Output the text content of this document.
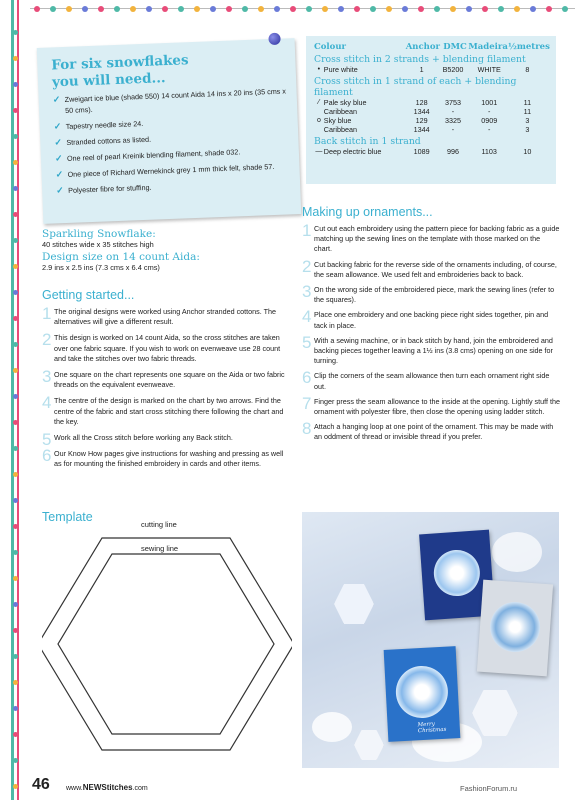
For six snowflakes you will need...
✓ Zweigart ice blue (shade 550) 14 count Aida 14 ins x 20 ins (35 cms x 50 cms).
✓ Tapestry needle size 24.
✓ Stranded cottons as listed.
✓ One reel of pearl Kreinik blending filament, shade 032.
✓ One piece of Richard Wernekinck grey 1 mm thick felt, shade 57.
✓ Polyester fibre for stuffing.
Colour	Anchor DMC Madeira ½metres
Cross stitch in 2 strands + blending filament
• Pure white	1	B5200	WHITE	8
Cross stitch in 1 strand of each + blending filament
⁄ Pale sky blue	128	3753	1001	11
Caribbean	1344	-	-	11
o Sky blue	129	3325	0909	3
Caribbean	1344	-	-	3
Back stitch in 1 strand
— Deep electric blue	1089	996	1103	10
Sparkling Snowflake:
40 stitches wide x 35 stitches high
Design size on 14 count Aida:
2.9 ins x 2.5 ins (7.3 cms x 6.4 cms)
Getting started...
1 The original designs were worked using Anchor stranded cottons. The alternatives will give a different result.
2 This design is worked on 14 count Aida, so the cross stitches are taken over one fabric square. If you wish to work on evenweave use 28 count and take the stitches over two fabric threads.
3 One square on the chart represents one square on the Aida or two fabric threads on the equivalent evenweave.
4 The centre of the design is marked on the chart by two arrows. Find the centre of the fabric and start cross stitching there following the chart and the key.
5 Work all the Cross stitch before working any Back stitch.
6 Our Know How pages give instructions for washing and pressing as well as for mounting the finished embroidery in cards and other items.
Making up ornaments...
1 Cut out each embroidery using the pattern piece for backing fabric as a guide matching up the sewing lines on the template with those marked on the chart.
2 Cut backing fabric for the reverse side of the ornaments including, of course, the seam allowance. We used felt and embroideries back to back.
3 On the wrong side of the embroidered piece, mark the sewing lines (refer to the squares).
4 Place one embroidery and one backing piece right sides together, pin and tack in place.
5 With a sewing machine, or in back stitch by hand, join the embroidered and backing pieces together leaving a 1½ ins (3.8 cms) opening on one side for turning.
6 Clip the corners of the seam allowance then turn each ornament right side out.
7 Finger press the seam allowance to the inside at the opening. Lightly stuff the ornament with polyester fibre, then close the opening using ladder stitch.
8 Attach a hanging loop at one point of the ornament. This may be made with an oddment of thread or invisible thread if you prefer.
Template
cutting line
sewing line
Merry Christmas
46 www.NEWStitches.com	FashionForum.ru
